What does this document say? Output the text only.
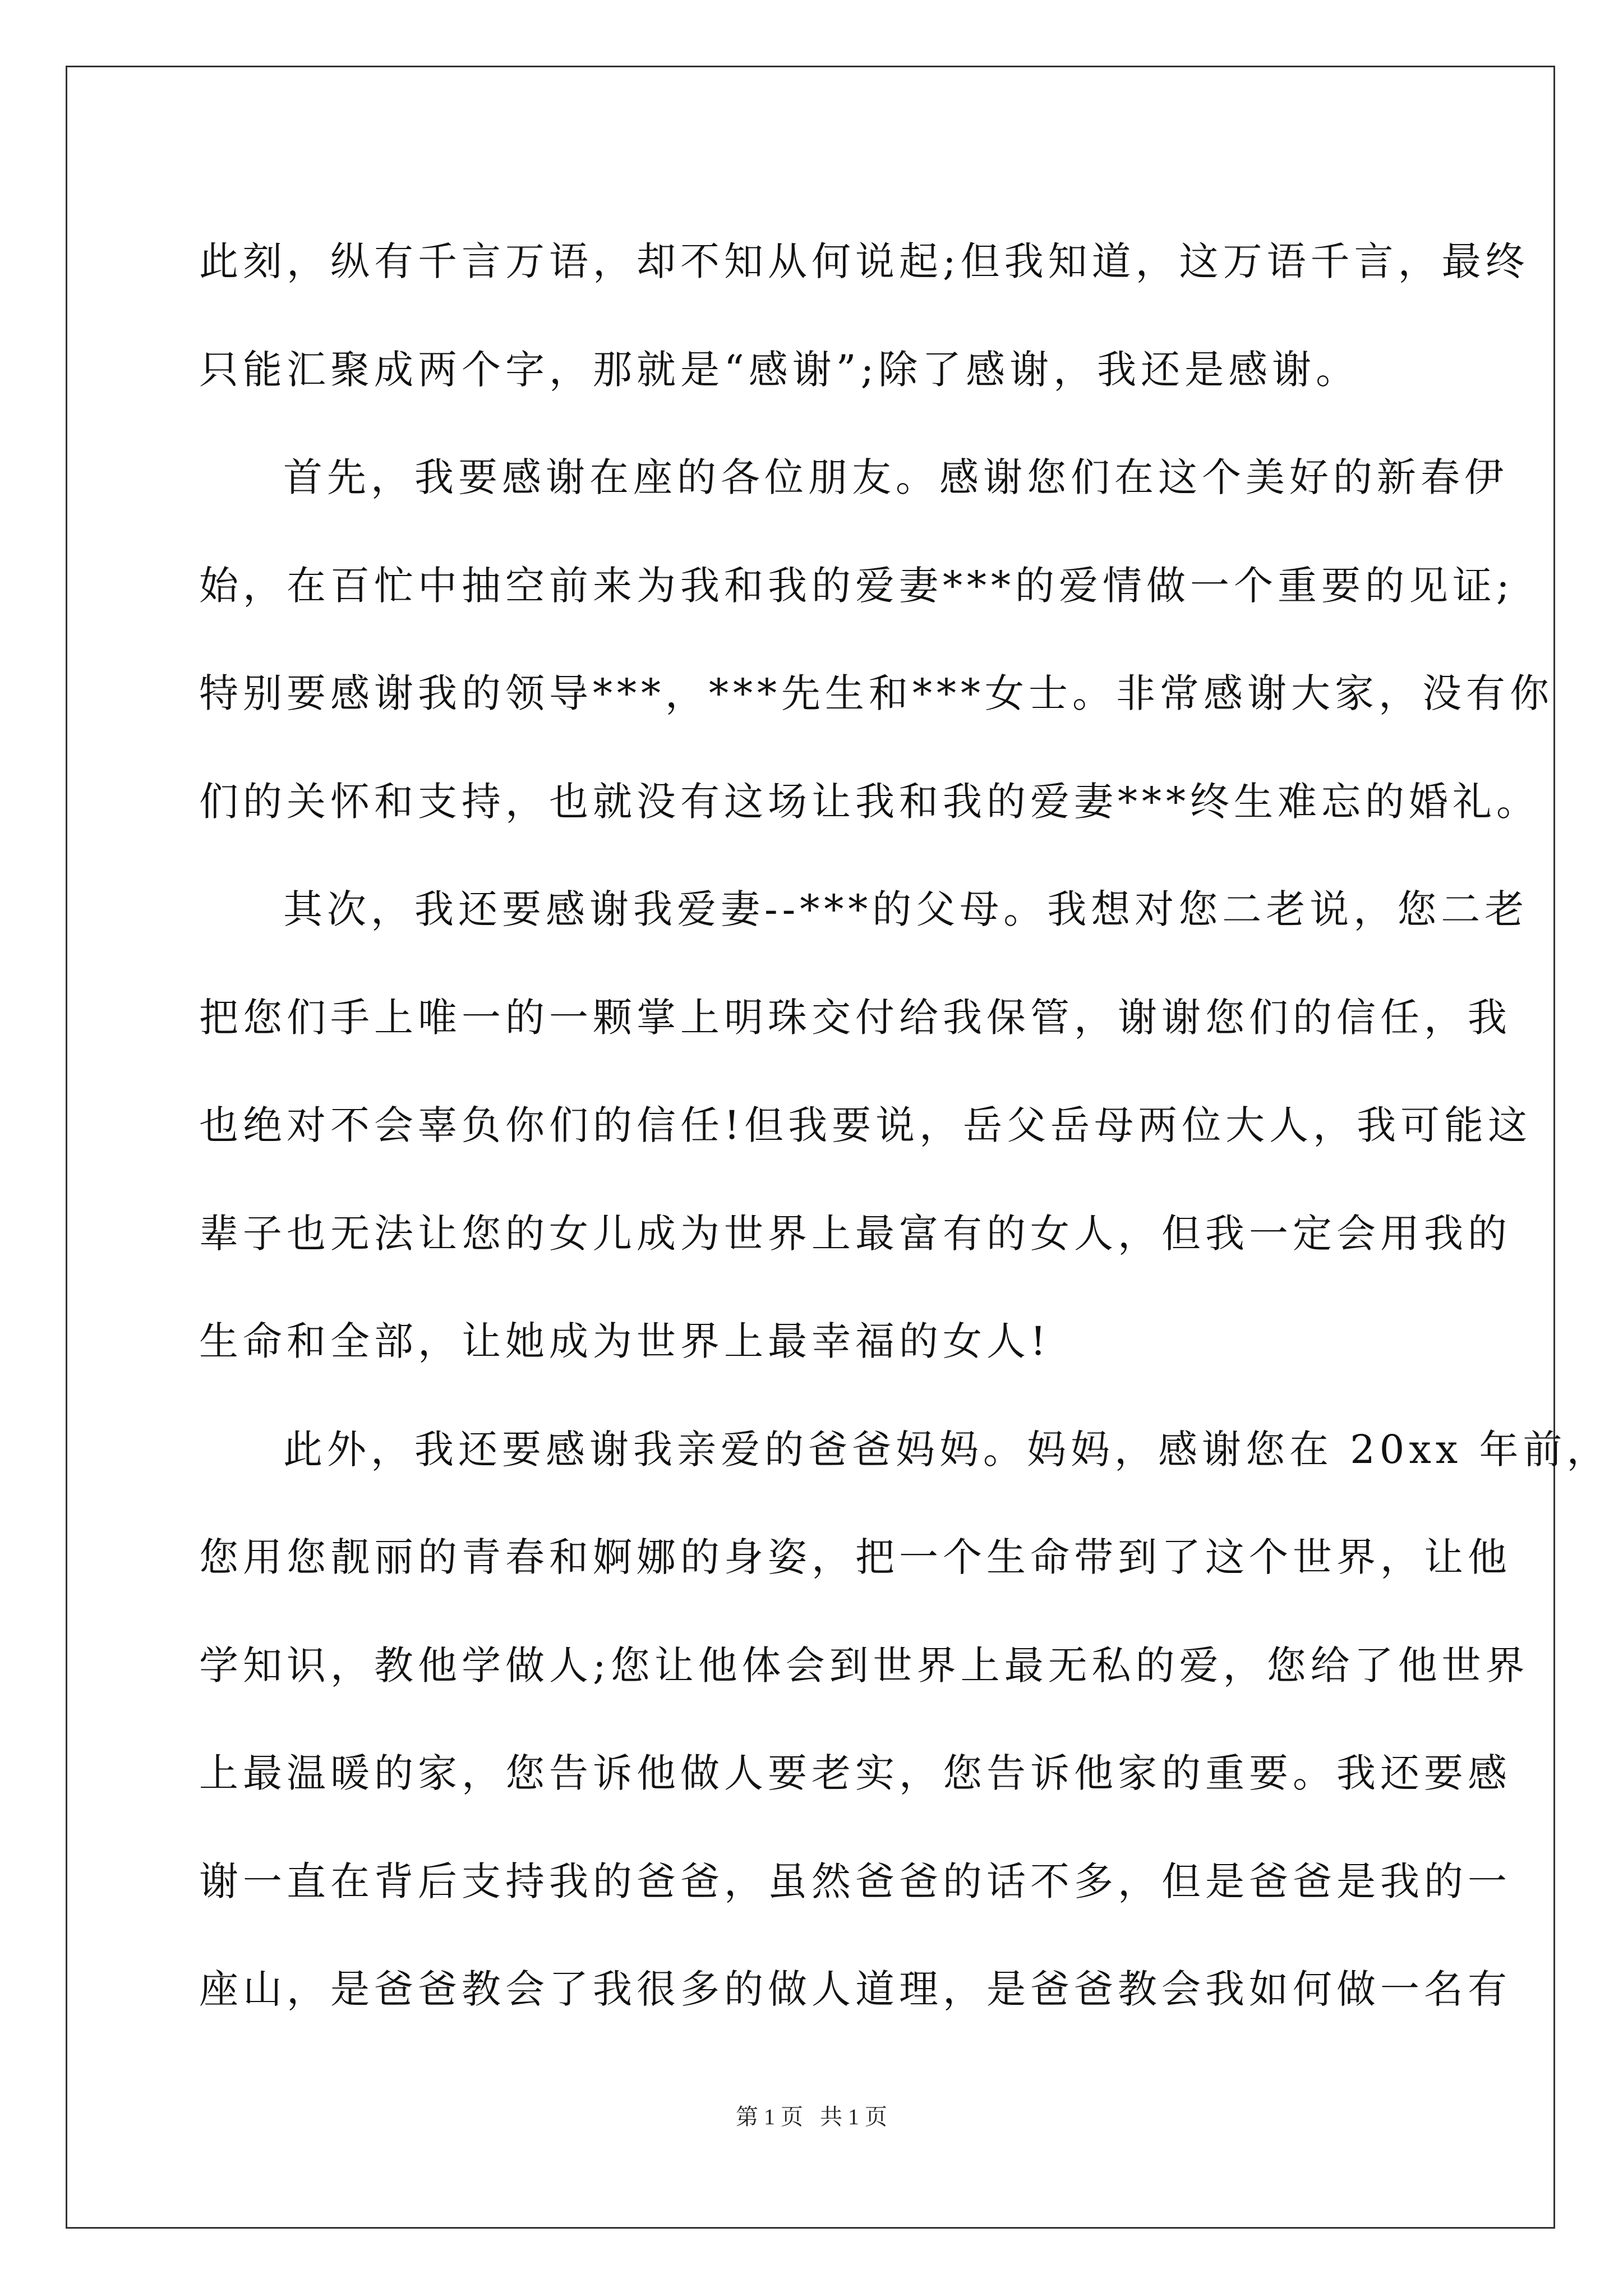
此刻，纵有千言万语，却不知从何说起;但我知道，这万语千言，最终
只能汇聚成两个字，那就是“感谢”;除了感谢，我还是感谢。
首先，我要感谢在座的各位朋友。感谢您们在这个美好的新春伊
始，在百忙中抽空前来为我和我的爱妻***的爱情做一个重要的见证;
特别要感谢我的领导***，***先生和***女士。非常感谢大家，没有你
们的关怀和支持，也就没有这场让我和我的爱妻***终生难忘的婚礼。
其次，我还要感谢我爱妻--***的父母。我想对您二老说，您二老
把您们手上唯一的一颗掌上明珠交付给我保管，谢谢您们的信任，我
也绝对不会辜负你们的信任!但我要说，岳父岳母两位大人，我可能这
辈子也无法让您的女儿成为世界上最富有的女人，但我一定会用我的
生命和全部，让她成为世界上最幸福的女人!
此外，我还要感谢我亲爱的爸爸妈妈。妈妈，感谢您在 20xx 年前，
您用您靓丽的青春和婀娜的身姿，把一个生命带到了这个世界，让他
学知识，教他学做人;您让他体会到世界上最无私的爱，您给了他世界
上最温暖的家，您告诉他做人要老实，您告诉他家的重要。我还要感
谢一直在背后支持我的爸爸，虽然爸爸的话不多，但是爸爸是我的一
座山，是爸爸教会了我很多的做人道理，是爸爸教会我如何做一名有
第 1 页   共 1 页
